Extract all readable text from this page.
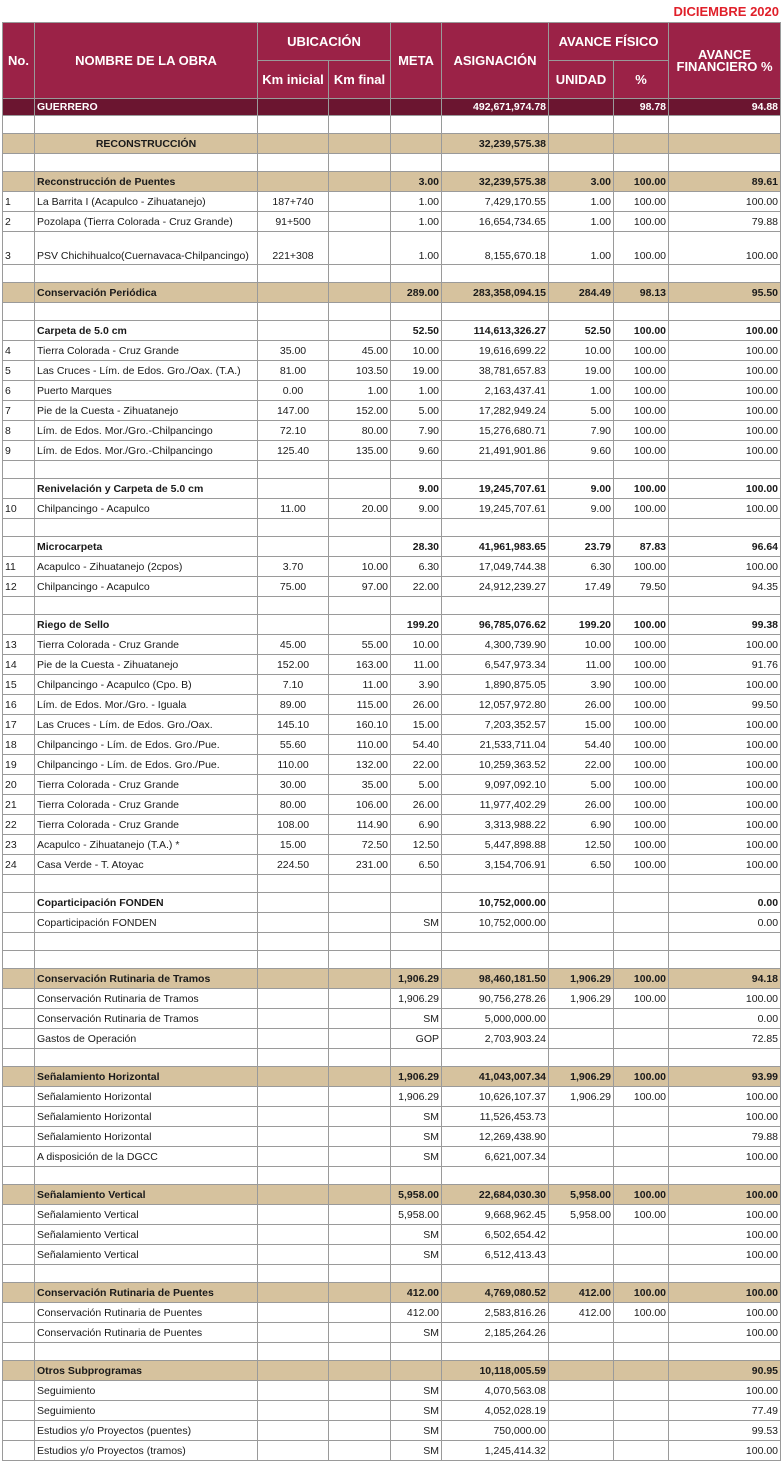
DICIEMBRE 2020
No.	NOMBRE DE LA OBRA	UBICACIÓN		META	ASIGNACIÓN	AVANCE FÍSICO		AVANCE FINANCIERO %
		Km inicial	Km final			UNIDAD	%	
	GUERRERO				492,671,974.78		98.78	94.88

	RECONSTRUCCIÓN				32,239,575.38			

	Reconstrucción de Puentes			3.00	32,239,575.38	3.00	100.00	89.61
1	La Barrita I (Acapulco - Zihuatanejo)	187+740		1.00	7,429,170.55	1.00	100.00	100.00
2	Pozolapa (Tierra Colorada - Cruz Grande)	91+500		1.00	16,654,734.65	1.00	100.00	79.88
3	PSV Chichihualco(Cuernavaca-Chilpancingo)	221+308		1.00	8,155,670.18	1.00	100.00	100.00

	Conservación Periódica			289.00	283,358,094.15	284.49	98.13	95.50

	Carpeta de 5.0 cm			52.50	114,613,326.27	52.50	100.00	100.00
4	Tierra Colorada - Cruz Grande	35.00	45.00	10.00	19,616,699.22	10.00	100.00	100.00
5	Las Cruces - Lím. de Edos. Gro./Oax. (T.A.)	81.00	103.50	19.00	38,781,657.83	19.00	100.00	100.00
6	Puerto Marques	0.00	1.00	1.00	2,163,437.41	1.00	100.00	100.00
7	Pie de la Cuesta - Zihuatanejo	147.00	152.00	5.00	17,282,949.24	5.00	100.00	100.00
8	Lím. de Edos. Mor./Gro.-Chilpancingo	72.10	80.00	7.90	15,276,680.71	7.90	100.00	100.00
9	Lím. de Edos. Mor./Gro.-Chilpancingo	125.40	135.00	9.60	21,491,901.86	9.60	100.00	100.00

	Renivelación y Carpeta de 5.0 cm			9.00	19,245,707.61	9.00	100.00	100.00
10	Chilpancingo - Acapulco	11.00	20.00	9.00	19,245,707.61	9.00	100.00	100.00

	Microcarpeta			28.30	41,961,983.65	23.79	87.83	96.64
11	Acapulco - Zihuatanejo (2cpos)	3.70	10.00	6.30	17,049,744.38	6.30	100.00	100.00
12	Chilpancingo - Acapulco	75.00	97.00	22.00	24,912,239.27	17.49	79.50	94.35

	Riego de Sello			199.20	96,785,076.62	199.20	100.00	99.38
13	Tierra Colorada - Cruz Grande	45.00	55.00	10.00	4,300,739.90	10.00	100.00	100.00
14	Pie de la Cuesta - Zihuatanejo	152.00	163.00	11.00	6,547,973.34	11.00	100.00	91.76
15	Chilpancingo - Acapulco (Cpo. B)	7.10	11.00	3.90	1,890,875.05	3.90	100.00	100.00
16	Lím. de Edos. Mor./Gro. - Iguala	89.00	115.00	26.00	12,057,972.80	26.00	100.00	99.50
17	Las Cruces - Lím. de Edos. Gro./Oax.	145.10	160.10	15.00	7,203,352.57	15.00	100.00	100.00
18	Chilpancingo - Lím. de Edos. Gro./Pue.	55.60	110.00	54.40	21,533,711.04	54.40	100.00	100.00
19	Chilpancingo - Lím. de Edos. Gro./Pue.	110.00	132.00	22.00	10,259,363.52	22.00	100.00	100.00
20	Tierra Colorada - Cruz Grande	30.00	35.00	5.00	9,097,092.10	5.00	100.00	100.00
21	Tierra Colorada - Cruz Grande	80.00	106.00	26.00	11,977,402.29	26.00	100.00	100.00
22	Tierra Colorada - Cruz Grande	108.00	114.90	6.90	3,313,988.22	6.90	100.00	100.00
23	Acapulco - Zihuatanejo (T.A.) *	15.00	72.50	12.50	5,447,898.88	12.50	100.00	100.00
24	Casa Verde - T. Atoyac	224.50	231.00	6.50	3,154,706.91	6.50	100.00	100.00

	Coparticipación FONDEN				10,752,000.00			0.00
	Coparticipación FONDEN			SM	10,752,000.00			0.00

	Conservación Rutinaria de Tramos			1,906.29	98,460,181.50	1,906.29	100.00	94.18
	Conservación Rutinaria de Tramos			1,906.29	90,756,278.26	1,906.29	100.00	100.00
	Conservación Rutinaria de Tramos			SM	5,000,000.00			0.00
	Gastos de Operación			GOP	2,703,903.24			72.85

	Señalamiento Horizontal			1,906.29	41,043,007.34	1,906.29	100.00	93.99
	Señalamiento Horizontal			1,906.29	10,626,107.37	1,906.29	100.00	100.00
	Señalamiento Horizontal			SM	11,526,453.73			100.00
	Señalamiento Horizontal			SM	12,269,438.90			79.88
	A disposición de la DGCC			SM	6,621,007.34			100.00

	Señalamiento Vertical			5,958.00	22,684,030.30	5,958.00	100.00	100.00
	Señalamiento Vertical			5,958.00	9,668,962.45	5,958.00	100.00	100.00
	Señalamiento Vertical			SM	6,502,654.42			100.00
	Señalamiento Vertical			SM	6,512,413.43			100.00

	Conservación Rutinaria de Puentes			412.00	4,769,080.52	412.00	100.00	100.00
	Conservación Rutinaria de Puentes			412.00	2,583,816.26	412.00	100.00	100.00
	Conservación Rutinaria de Puentes			SM	2,185,264.26			100.00

	Otros Subprogramas				10,118,005.59			90.95
	Seguimiento			SM	4,070,563.08			100.00
	Seguimiento			SM	4,052,028.19			77.49
	Estudios y/o Proyectos (puentes)			SM	750,000.00			99.53
	Estudios y/o Proyectos (tramos)			SM	1,245,414.32			100.00
